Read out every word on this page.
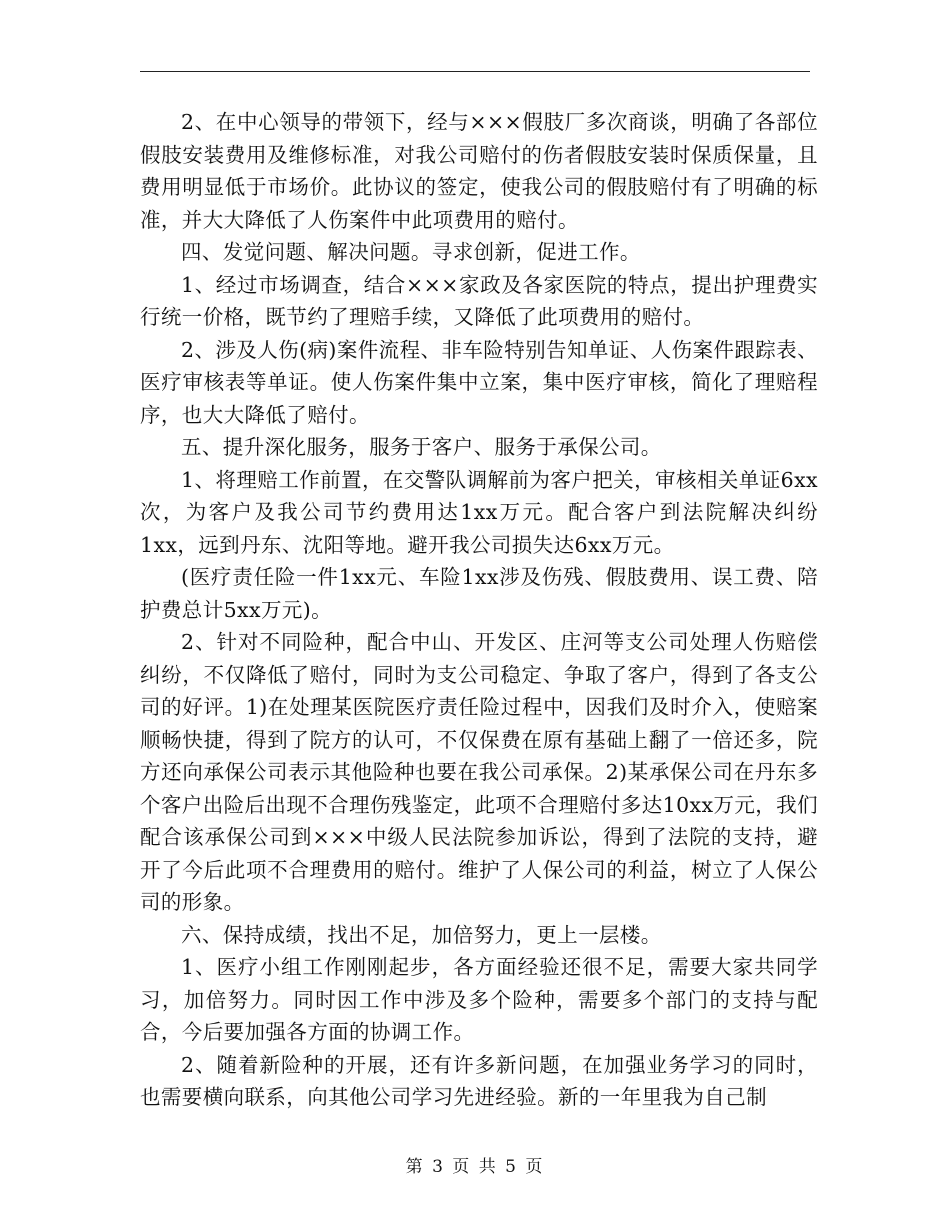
2、在中心领导的带领下，经与×××假肢厂多次商谈，明确了各部位假肢安装费用及维修标准，对我公司赔付的伤者假肢安装时保质保量，且费用明显低于市场价。此协议的签定，使我公司的假肢赔付有了明确的标准，并大大降低了人伤案件中此项费用的赔付。

四、发觉问题、解决问题。寻求创新，促进工作。

1、经过市场调查，结合×××家政及各家医院的特点，提出护理费实行统一价格，既节约了理赔手续，又降低了此项费用的赔付。

2、涉及人伤(病)案件流程、非车险特别告知单证、人伤案件跟踪表、医疗审核表等单证。使人伤案件集中立案，集中医疗审核，简化了理赔程序，也大大降低了赔付。

五、提升深化服务，服务于客户、服务于承保公司。

1、将理赔工作前置，在交警队调解前为客户把关，审核相关单证6xx次，为客户及我公司节约费用达1xx万元。配合客户到法院解决纠纷1xx，远到丹东、沈阳等地。避开我公司损失达6xx万元。

(医疗责任险一件1xx元、车险1xx涉及伤残、假肢费用、误工费、陪护费总计5xx万元)。

2、针对不同险种，配合中山、开发区、庄河等支公司处理人伤赔偿纠纷，不仅降低了赔付，同时为支公司稳定、争取了客户，得到了各支公司的好评。1)在处理某医院医疗责任险过程中，因我们及时介入，使赔案顺畅快捷，得到了院方的认可，不仅保费在原有基础上翻了一倍还多，院方还向承保公司表示其他险种也要在我公司承保。2)某承保公司在丹东多个客户出险后出现不合理伤残鉴定，此项不合理赔付多达10xx万元，我们配合该承保公司到×××中级人民法院参加诉讼，得到了法院的支持，避开了今后此项不合理费用的赔付。维护了人保公司的利益，树立了人保公司的形象。

六、保持成绩，找出不足，加倍努力，更上一层楼。

1、医疗小组工作刚刚起步，各方面经验还很不足，需要大家共同学习，加倍努力。同时因工作中涉及多个险种，需要多个部门的支持与配合，今后要加强各方面的协调工作。

2、随着新险种的开展，还有许多新问题，在加强业务学习的同时，也需要横向联系，向其他公司学习先进经验。新的一年里我为自己制

第 3 页 共 5 页
